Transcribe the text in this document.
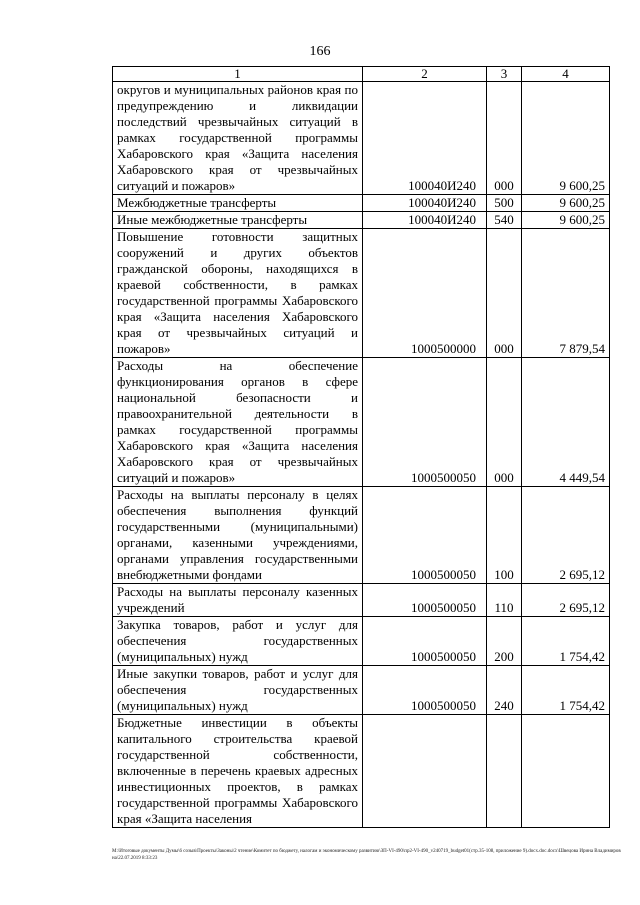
166
1	2	3	4
округов и муниципальных районов края по предупреждению и ликвидации последствий чрезвычайных ситуаций в рамках государственной программы Хабаровского края «Защита населения Хабаровского края от чрезвычайных ситуаций и пожаров»	100040И240	000	9 600,25
Межбюджетные трансферты	100040И240	500	9 600,25
Иные межбюджетные трансферты	100040И240	540	9 600,25
Повышение готовности защитных сооружений и других объектов гражданской обороны, находящихся в краевой собственности, в рамках государственной программы Хабаровского края «Защита населения Хабаровского края от чрезвычайных ситуаций и пожаров»	1000500000	000	7 879,54
Расходы на обеспечение функционирования органов в сфере национальной безопасности и правоохранительной деятельности в рамках государственной программы Хабаровского края «Защита населения Хабаровского края от чрезвычайных ситуаций и пожаров»	1000500050	000	4 449,54
Расходы на выплаты персоналу в целях обеспечения выполнения функций государственными (муниципальными) органами, казенными учреждениями, органами управления государственными внебюджетными фондами	1000500050	100	2 695,12
Расходы на выплаты персоналу казенных учреждений	1000500050	110	2 695,12
Закупка товаров, работ и услуг для обеспечения государственных (муниципальных) нужд	1000500050	200	1 754,42
Иные закупки товаров, работ и услуг для обеспечения государственных (муниципальных) нужд	1000500050	240	1 754,42
Бюджетные инвестиции в объекты капитального строительства краевой государственной собственности, включенные в перечень краевых адресных инвестиционных проектов, в рамках государственной программы Хабаровского края «Защита населения			
M:\Итоговые документы Думы\6 созыв\Проекты\Законы\2 чтение\Комитет по бюджету, налогам и экономическому развитию\ЗП-VI-490\пр2-VI-490_v240719_budget01(стр.35-108, приложение 9).docx.doc.docx\Швецова Ирина Владимировна\22.07.2019 8:33:23
